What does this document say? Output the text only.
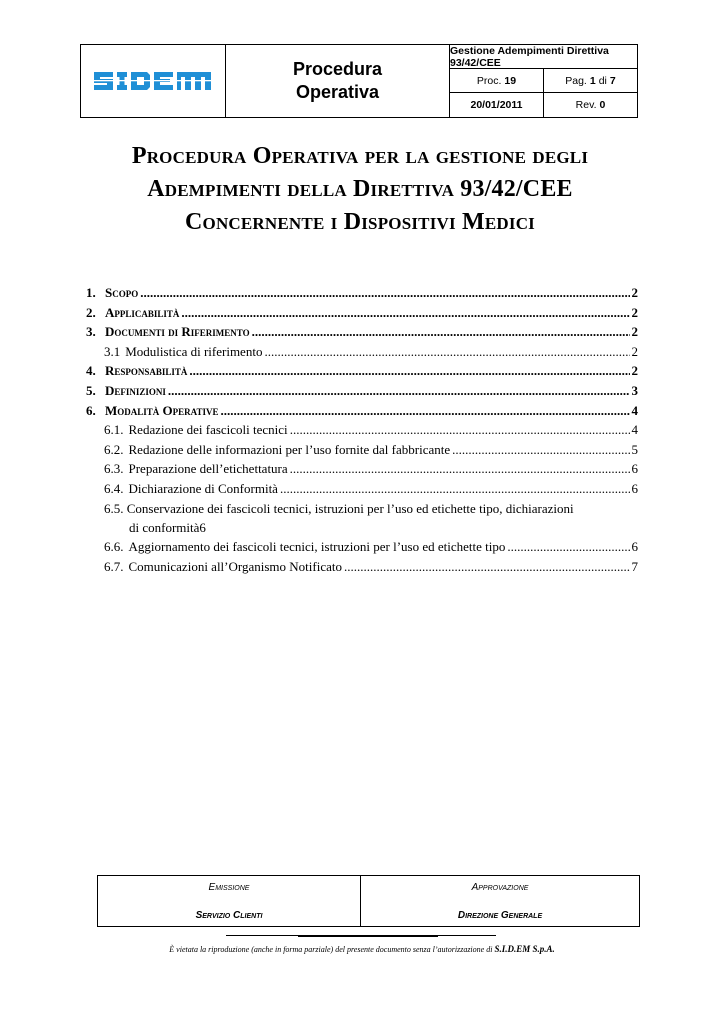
Procedura
Operativa
Gestione Adempimenti Direttiva 93/42/CEE
Proc. 19	Pag. 1 di 7
20/01/2011	Rev. 0
Procedura Operativa per la gestione degli Adempimenti della Direttiva 93/42/CEE Concernente i Dispositivi Medici
1. Scopo .....	2
2. Applicabilità .....	2
3. Documenti di Riferimento .....	2
3.1 Modulistica di riferimento .....	2
4. Responsabilità .....	2
5. Definizioni .....	3
6. Modalità Operative .....	4
6.1. Redazione dei fascicoli tecnici .....	4
6.2. Redazione delle informazioni per l’uso fornite dal fabbricante .....	5
6.3. Preparazione dell’etichettatura .....	6
6.4. Dichiarazione di Conformità .....	6
6.5. Conservazione dei fascicoli tecnici, istruzioni per l’uso ed etichette tipo, dichiarazioni
di conformità 6
6.6. Aggiornamento dei fascicoli tecnici, istruzioni per l’uso ed etichette tipo .....	6
6.7. Comunicazioni all’Organismo Notificato .....	7
Emissione
Servizio Clienti
Approvazione
Direzione Generale
È vietata la riproduzione (anche in forma parziale) del presente documento senza l’autorizzazione di S.I.D.EM S.p.A.
